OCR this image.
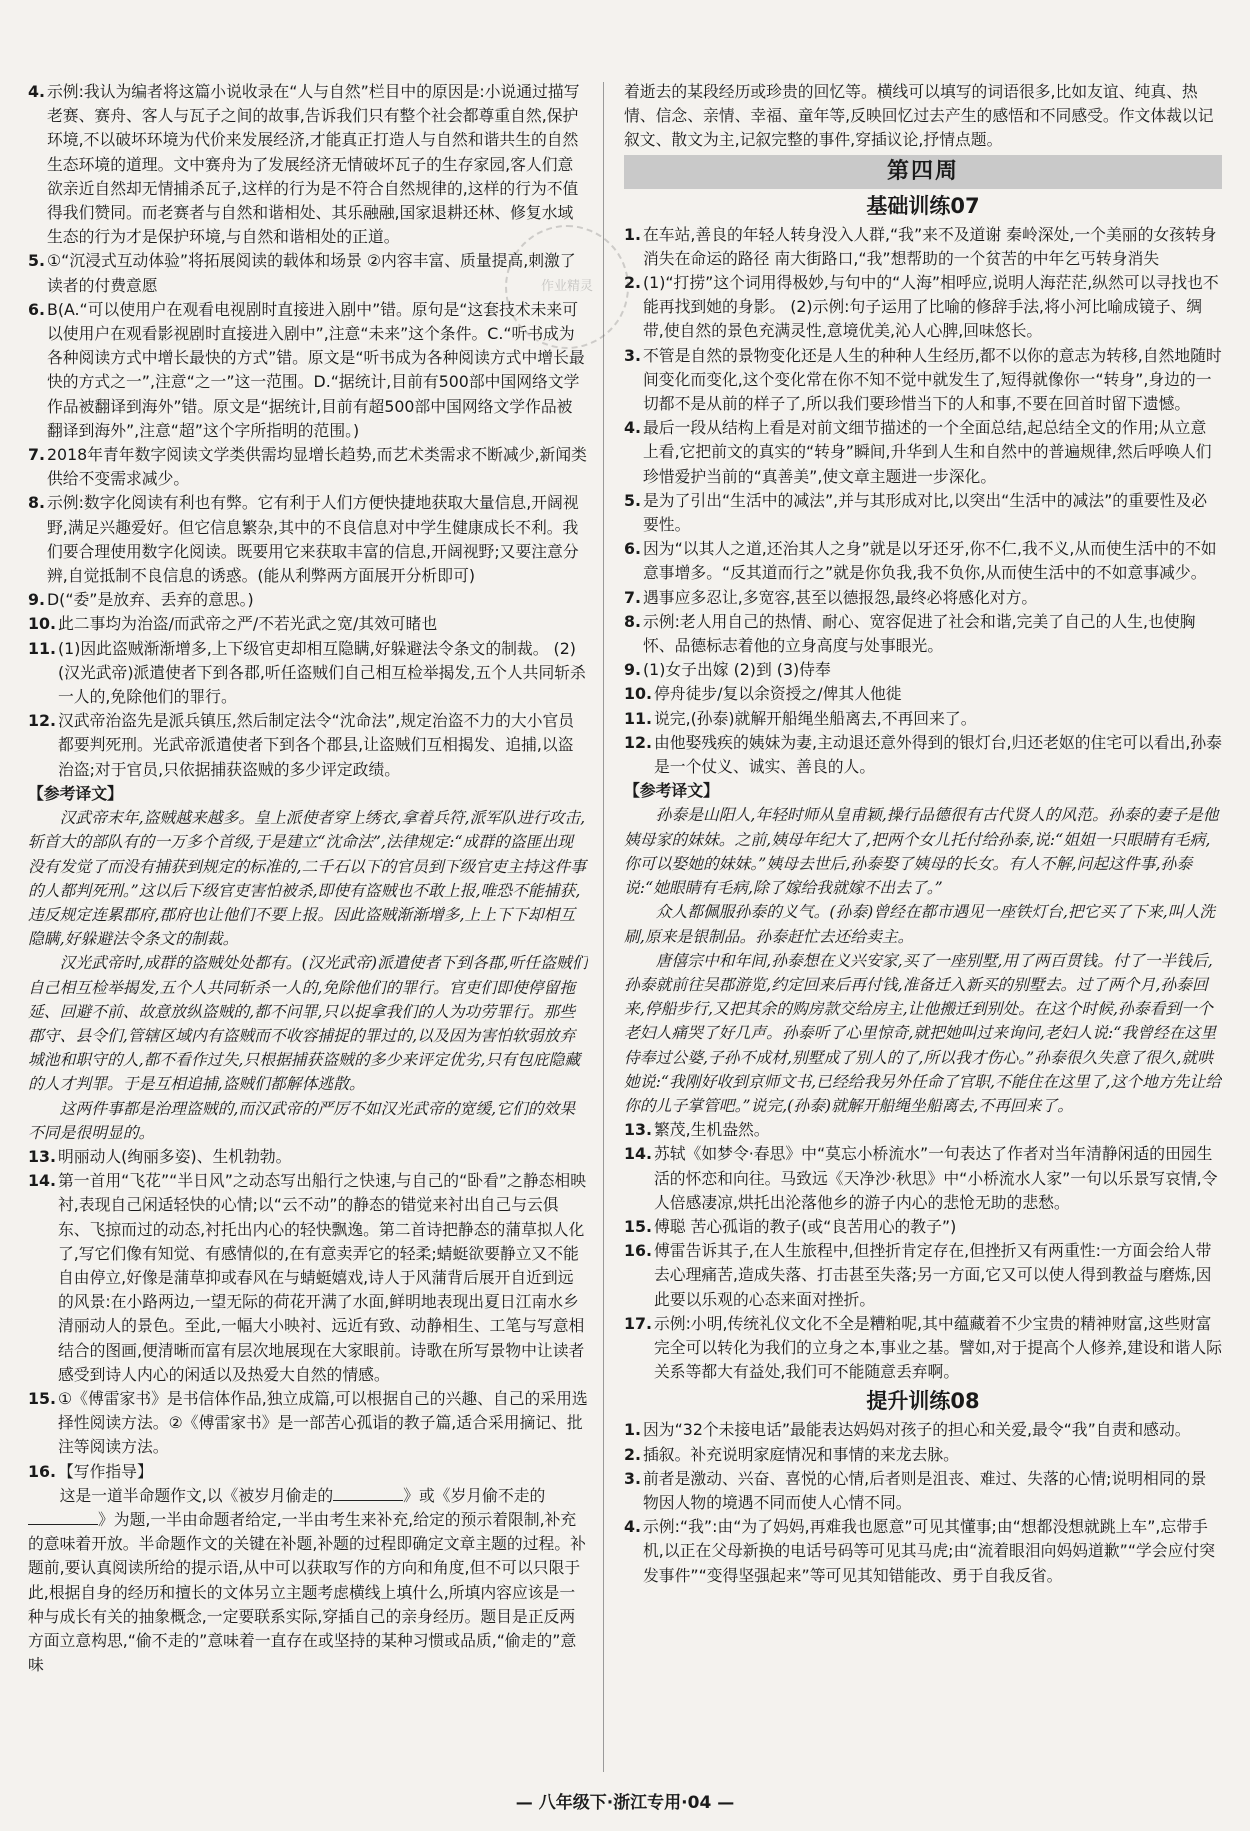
4. 示例:我认为编者将这篇小说收录在“人与自然”栏目中的原因是:小说通过描写老赛、赛舟、客人与瓦子之间的故事,告诉我们只有整个社会都尊重自然,保护环境,不以破坏环境为代价来发展经济,才能真正打造人与自然和谐共生的自然生态环境的道理。文中赛舟为了发展经济无情破坏瓦子的生存家园,客人们意欲亲近自然却无情捕杀瓦子,这样的行为是不符合自然规律的,这样的行为不值得我们赞同。而老赛者与自然和谐相处、其乐融融,国家退耕还林、修复水域生态的行为才是保护环境,与自然和谐相处的正道。
5. ①“沉浸式互动体验”将拓展阅读的载体和场景 ②内容丰富、质量提高,刺激了读者的付费意愿
6. B(A.“可以使用户在观看电视剧时直接进入剧中”错。原句是“这套技术未来可以使用户在观看影视剧时直接进入剧中”,注意“未来”这个条件。C.“听书成为各种阅读方式中增长最快的方式”错。原文是“听书成为各种阅读方式中增长最快的方式之一”,注意“之一”这一范围。D.“据统计,目前有500部中国网络文学作品被翻译到海外”错。原文是“据统计,目前有超500部中国网络文学作品被翻译到海外”,注意“超”这个字所指明的范围。)
7. 2018年青年数字阅读文学类供需均显增长趋势,而艺术类需求不断减少,新闻类供给不变需求减少。
8. 示例:数字化阅读有利也有弊。它有利于人们方便快捷地获取大量信息,开阔视野,满足兴趣爱好。但它信息繁杂,其中的不良信息对中学生健康成长不利。我们要合理使用数字化阅读。既要用它来获取丰富的信息,开阔视野;又要注意分辨,自觉抵制不良信息的诱惑。(能从利弊两方面展开分析即可)
9. D(“委”是放弃、丢弃的意思。)
10. 此二事均为治盗/而武帝之严/不若光武之宽/其效可睹也
11. (1)因此盗贼渐渐增多,上下级官吏却相互隐瞒,好躲避法令条文的制裁。 (2)(汉光武帝)派遣使者下到各郡,听任盗贼们自己相互检举揭发,五个人共同斩杀一人的,免除他们的罪行。
12. 汉武帝治盗先是派兵镇压,然后制定法令“沈命法”,规定治盗不力的大小官员都要判死刑。光武帝派遣使者下到各个郡县,让盗贼们互相揭发、追捕,以盗治盗;对于官员,只依据捕获盗贼的多少评定政绩。
【参考译文】
汉武帝末年,盗贼越来越多。皇上派使者穿上绣衣,拿着兵符,派军队进行攻击,斩首大的部队有的一万多个首级,于是建立“沈命法”,法律规定:“成群的盗匪出现没有发觉了而没有捕获到规定的标准的,二千石以下的官员到下级官吏主持这件事的人都判死刑。”这以后下级官吏害怕被杀,即使有盗贼也不敢上报,唯恐不能捕获,违反规定连累郡府,郡府也让他们不要上报。因此盗贼渐渐增多,上上下下却相互隐瞒,好躲避法令条文的制裁。
汉光武帝时,成群的盗贼处处都有。(汉光武帝)派遣使者下到各郡,听任盗贼们自己相互检举揭发,五个人共同斩杀一人的,免除他们的罪行。官吏们即使停留拖延、回避不前、故意放纵盗贼的,都不问罪,只以捉拿我们的人为功劳罪行。那些郡守、县令们,管辖区域内有盗贼而不收容捕捉的罪过的,以及因为害怕软弱放弃城池和职守的人,都不看作过失,只根据捕获盗贼的多少来评定优劣,只有包庇隐藏的人才判罪。于是互相追捕,盗贼们都解体逃散。
这两件事都是治理盗贼的,而汉武帝的严厉不如汉光武帝的宽缓,它们的效果不同是很明显的。
13. 明丽动人(绚丽多姿)、生机勃勃。
14. 第一首用“飞花”“半日风”之动态写出船行之快速,与自己的“卧看”之静态相映衬,表现自己闲适轻快的心情;以“云不动”的静态的错觉来衬出自己与云俱东、飞掠而过的动态,衬托出内心的轻快飘逸。第二首诗把静态的蒲草拟人化了,写它们像有知觉、有感情似的,在有意卖弄它的轻柔;蜻蜓欲要静立又不能自由停立,好像是蒲草抑或春风在与蜻蜓嬉戏,诗人于风蒲背后展开自近到远的风景:在小路两边,一望无际的荷花开满了水面,鲜明地表现出夏日江南水乡清丽动人的景色。至此,一幅大小映衬、远近有致、动静相生、工笔与写意相结合的图画,便清晰而富有层次地展现在大家眼前。诗歌在所写景物中让读者感受到诗人内心的闲适以及热爱大自然的情感。
15. ①《傅雷家书》是书信体作品,独立成篇,可以根据自己的兴趣、自己的采用选择性阅读方法。②《傅雷家书》是一部苦心孤诣的教子篇,适合采用摘记、批注等阅读方法。
16. 【写作指导】
这是一道半命题作文,以《被岁月偷走的	》或《岁月偷不走的》为题,一半由命题者给定,一半由考生来补充,给定的预示着限制,补充的意味着开放。半命题作文的关键在补题,补题的过程即确定文章主题的过程。补题前,要认真阅读所给的提示语,从中可以获取写作的方向和角度,但不可以只限于此,根据自身的经历和擅长的文体另立主题考虑横线上填什么,所填内容应该是一种与成长有关的抽象概念,一定要联系实际,穿插自己的亲身经历。题目是正反两方面立意构思,“偷不走的”意味着一直存在或坚持的某种习惯或品质,“偷走的”意味
着逝去的某段经历或珍贵的回忆等。横线可以填写的词语很多,比如友谊、纯真、热情、信念、亲情、幸福、童年等,反映回忆过去产生的感悟和不同感受。作文体裁以记叙文、散文为主,记叙完整的事件,穿插议论,抒情点题。
第四周
基础训练07
1. 在车站,善良的年轻人转身没入人群,“我”来不及道谢 秦岭深处,一个美丽的女孩转身消失在命运的路径 南大街路口,“我”想帮助的一个贫苦的中年乞丐转身消失
2. (1)“打捞”这个词用得极妙,与句中的“人海”相呼应,说明人海茫茫,纵然可以寻找也不能再找到她的身影。 (2)示例:句子运用了比喻的修辞手法,将小河比喻成镜子、绸带,使自然的景色充满灵性,意境优美,沁人心脾,回味悠长。
3. 不管是自然的景物变化还是人生的种种人生经历,都不以你的意志为转移,自然地随时间变化而变化,这个变化常在你不知不觉中就发生了,短得就像你一“转身”,身边的一切都不是从前的样子了,所以我们要珍惜当下的人和事,不要在回首时留下遗憾。
4. 最后一段从结构上看是对前文细节描述的一个全面总结,起总结全文的作用;从立意上看,它把前文的真实的“转身”瞬间,升华到人生和自然中的普遍规律,然后呼唤人们珍惜爱护当前的“真善美”,使文章主题进一步深化。
5. 是为了引出“生活中的减法”,并与其形成对比,以突出“生活中的减法”的重要性及必要性。
6. 因为“以其人之道,还治其人之身”就是以牙还牙,你不仁,我不义,从而使生活中的不如意事增多。“反其道而行之”就是你负我,我不负你,从而使生活中的不如意事减少。
7. 遇事应多忍让,多宽容,甚至以德报怨,最终必将感化对方。
8. 示例:老人用自己的热情、耐心、宽容促进了社会和谐,完美了自己的人生,也使胸怀、品德标志着他的立身高度与处事眼光。
9. (1)女子出嫁 (2)到 (3)侍奉
10. 停舟徒步/复以余资授之/俾其人他徙
11. 说完,(孙泰)就解开船绳坐船离去,不再回来了。
12. 由他娶残疾的姨妹为妻,主动退还意外得到的银灯台,归还老妪的住宅可以看出,孙泰是一个仗义、诚实、善良的人。
【参考译文】
孙泰是山阳人,年轻时师从皇甫颖,操行品德很有古代贤人的风范。孙泰的妻子是他姨母家的妹妹。之前,姨母年纪大了,把两个女儿托付给孙泰,说:“姐姐一只眼睛有毛病,你可以娶她的妹妹。”姨母去世后,孙泰娶了姨母的长女。有人不解,问起这件事,孙泰说:“她眼睛有毛病,除了嫁给我就嫁不出去了。”
众人都佩服孙泰的义气。(孙泰)曾经在都市遇见一座铁灯台,把它买了下来,叫人洗刷,原来是银制品。孙泰赶忙去还给卖主。
唐僖宗中和年间,孙泰想在义兴安家,买了一座别墅,用了两百贯钱。付了一半钱后,孙泰就前往吴郡游览,约定回来后再付钱,准备迁入新买的别墅去。过了两个月,孙泰回来,停船步行,又把其余的购房款交给房主,让他搬迁到别处。在这个时候,孙泰看到一个老妇人痛哭了好几声。孙泰听了心里惊奇,就把她叫过来询问,老妇人说:“我曾经在这里侍奉过公婆,子孙不成材,别墅成了别人的了,所以我才伤心。”孙泰很久失意了很久,就哄她说:“我刚好收到京师文书,已经给我另外任命了官职,不能住在这里了,这个地方先让给你的儿子掌管吧。”说完,(孙泰)就解开船绳坐船离去,不再回来了。
13. 繁茂,生机盎然。
14. 苏轼《如梦令·春思》中“莫忘小桥流水”一句表达了作者对当年清静闲适的田园生活的怀恋和向往。马致远《天净沙·秋思》中“小桥流水人家”一句以乐景写哀情,令人倍感凄凉,烘托出沦落他乡的游子内心的悲怆无助的悲愁。
15. 傅聪 苦心孤诣的教子(或“良苦用心的教子”)
16. 傅雷告诉其子,在人生旅程中,但挫折肯定存在,但挫折又有两重性:一方面会给人带去心理痛苦,造成失落、打击甚至失落;另一方面,它又可以使人得到教益与磨炼,因此要以乐观的心态来面对挫折。
17. 示例:小明,传统礼仪文化不全是糟粕呢,其中蕴藏着不少宝贵的精神财富,这些财富完全可以转化为我们的立身之本,事业之基。譬如,对于提高个人修养,建设和谐人际关系等都大有益处,我们可不能随意丢弃啊。
提升训练08
1. 因为“32个未接电话”最能表达妈妈对孩子的担心和关爱,最令“我”自责和感动。
2. 插叙。补充说明家庭情况和事情的来龙去脉。
3. 前者是激动、兴奋、喜悦的心情,后者则是沮丧、难过、失落的心情;说明相同的景物因人物的境遇不同而使人心情不同。
4. 示例:“我”:由“为了妈妈,再难我也愿意”可见其懂事;由“想都没想就跳上车”,忘带手机,以正在父母新换的电话号码等可见其马虎;由“流着眼泪向妈妈道歉”“学会应付突发事件”“变得坚强起来”等可见其知错能改、勇于自我反省。
作业精灵
— 八年级下·浙江专用·04 —
